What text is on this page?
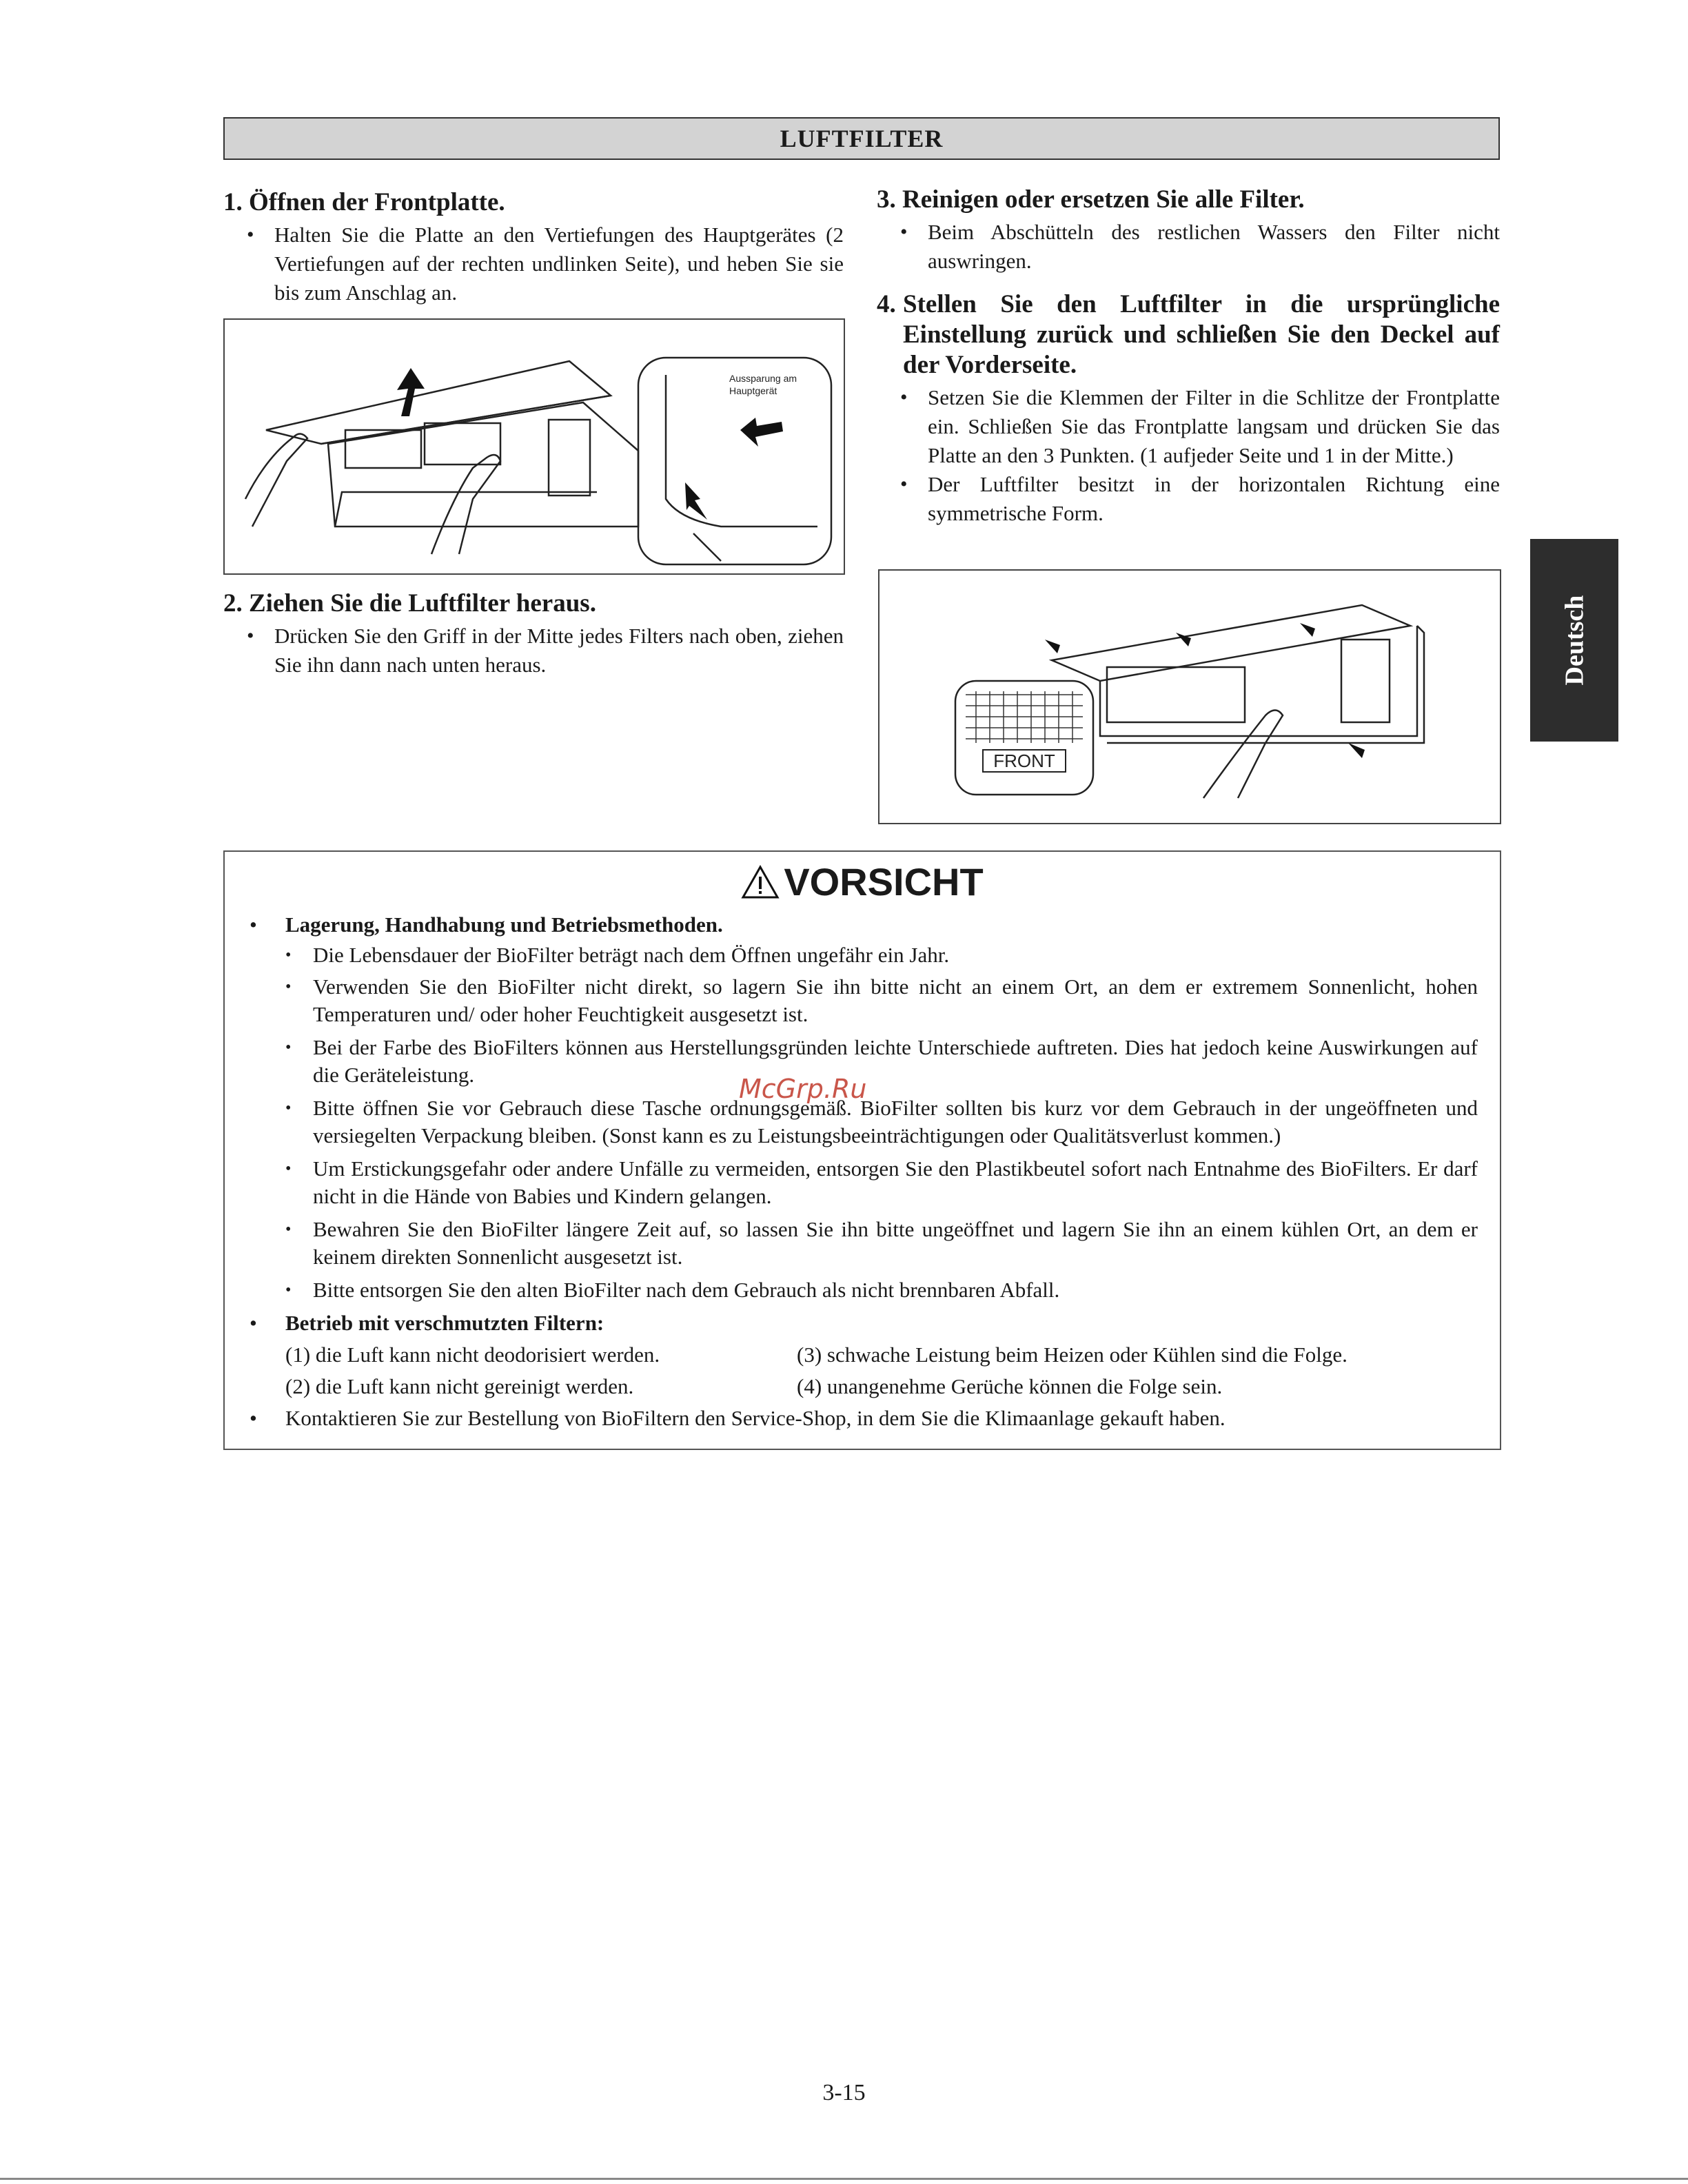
LUFTFILTER

1. Öffnen der Frontplatte.

• Halten Sie die Platte an den Vertiefungen des Hauptgerätes (2 Vertiefungen auf der rechten undlinken Seite), und heben Sie sie bis zum Anschlag an.
Aussparung am
Hauptgerät

2. Ziehen Sie die Luftfilter heraus.

• Drücken Sie den Griff in der Mitte jedes Filters nach oben, ziehen Sie ihn dann nach unten heraus.

3. Reinigen oder ersetzen Sie alle Filter.

• Beim Abschütteln des restlichen Wassers den Filter nicht auswringen.
4. Stellen Sie den Luftfilter in die ursprüngliche Einstellung zurück und schließen Sie den Deckel auf der Vorderseite.
• Setzen Sie die Klemmen der Filter in die Schlitze der Frontplatte ein. Schließen Sie das Frontplatte langsam und drücken Sie das Platte an den 3 Punkten. (1 aufjeder Seite und 1 in der Mitte.)
• Der Luftfilter besitzt in der horizontalen Richtung eine symmetrische Form.
FRONT
Deutsch
VORSICHT
• Lagerung, Handhabung und Betriebsmethoden.
•	Die Lebensdauer der BioFilter beträgt nach dem Öffnen ungefähr ein Jahr.
•	Verwenden Sie den BioFilter nicht direkt, so lagern Sie ihn bitte nicht an einem Ort, an dem er extremem Sonnenlicht, hohen Temperaturen und/ oder hoher Feuchtigkeit ausgesetzt ist.
•	Bei der Farbe des BioFilters können aus Herstellungsgründen leichte Unterschiede auftreten. Dies hat jedoch keine Auswirkungen auf die Geräteleistung.
•	Bitte öffnen Sie vor Gebrauch diese Tasche ordnungsgemäß. BioFilter sollten bis kurz vor dem Gebrauch in der ungeöffneten und versiegelten Verpackung bleiben. (Sonst kann es zu Leistungsbeeinträchtigungen oder Qualitätsverlust kommen.)
•	Um Erstickungsgefahr oder andere Unfälle zu vermeiden, entsorgen Sie den Plastikbeutel sofort nach Entnahme des BioFilters. Er darf nicht in die Hände von Babies und Kindern gelangen.
•	Bewahren Sie den BioFilter längere Zeit auf, so lassen Sie ihn bitte ungeöffnet und lagern Sie ihn an einem kühlen Ort, an dem er keinem direkten Sonnenlicht ausgesetzt ist.
•	Bitte entsorgen Sie den alten BioFilter nach dem Gebrauch als nicht brennbaren Abfall.
• Betrieb mit verschmutzten Filtern:
(1) die Luft kann nicht deodorisiert werden.
(2) die Luft kann nicht gereinigt werden.
(3) schwache Leistung beim Heizen oder Kühlen sind die Folge.
(4) unangenehme Gerüche können die Folge sein.
• Kontaktieren Sie zur Bestellung von BioFiltern den Service-Shop, in dem Sie die Klimaanlage gekauft haben.
McGrp.Ru
3-15
